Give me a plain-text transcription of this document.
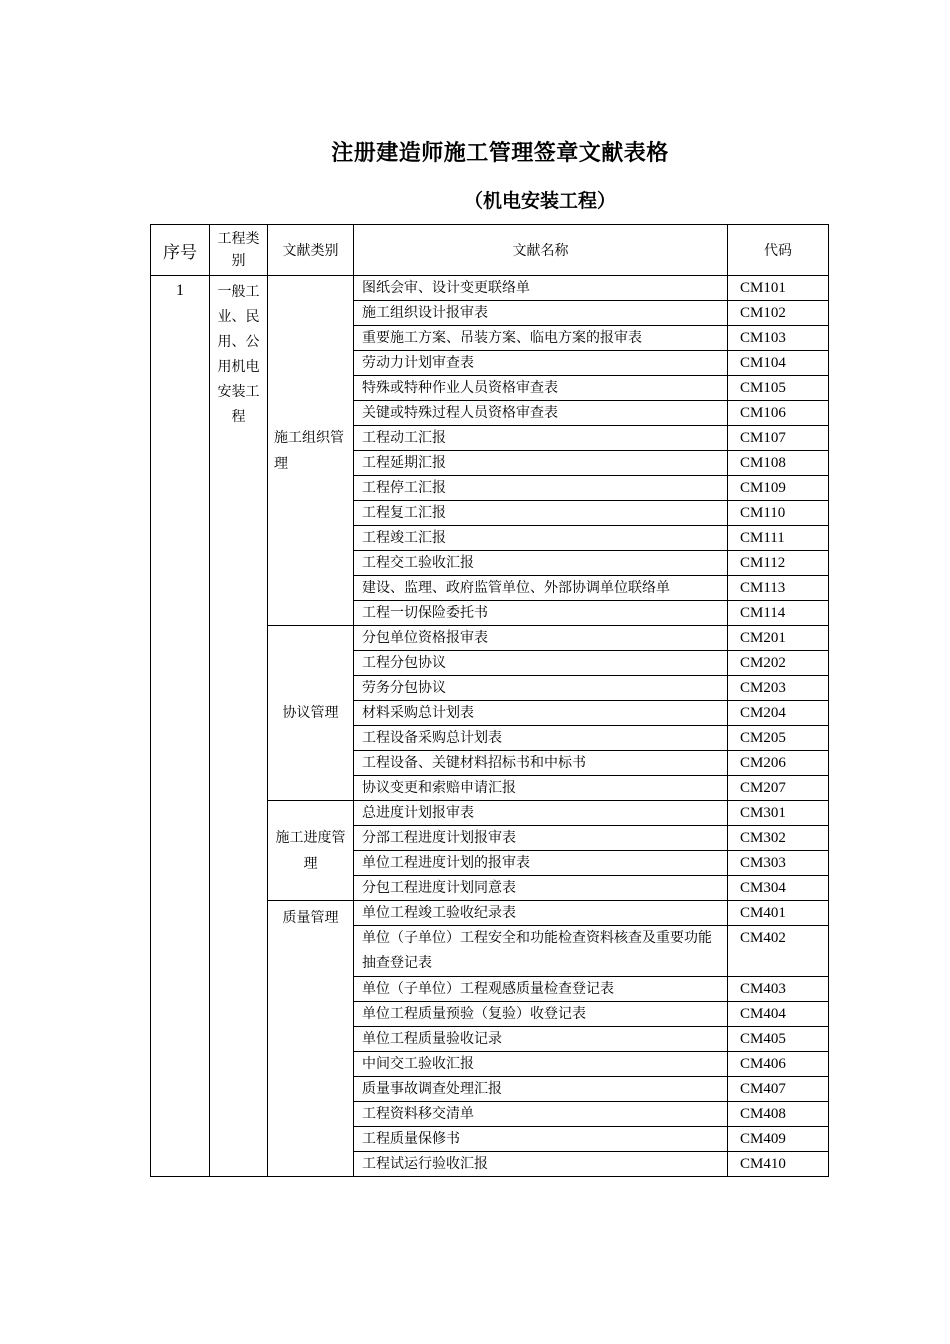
注册建造师施工管理签章文献表格
（机电安装工程）
序号	工程类别	文献类别	文献名称	代码
1	一般工业、民用、公用机电安装工程	施工组织管理	图纸会审、设计变更联络单	CM101
			施工组织设计报审表	CM102
			重要施工方案、吊装方案、临电方案的报审表	CM103
			劳动力计划审查表	CM104
			特殊或特种作业人员资格审查表	CM105
			关键或特殊过程人员资格审查表	CM106
			工程动工汇报	CM107
			工程延期汇报	CM108
			工程停工汇报	CM109
			工程复工汇报	CM110
			工程竣工汇报	CM111
			工程交工验收汇报	CM112
			建设、监理、政府监管单位、外部协调单位联络单	CM113
			工程一切保险委托书	CM114
		协议管理	分包单位资格报审表	CM201
			工程分包协议	CM202
			劳务分包协议	CM203
			材料采购总计划表	CM204
			工程设备采购总计划表	CM205
			工程设备、关键材料招标书和中标书	CM206
			协议变更和索赔申请汇报	CM207
		施工进度管理	总进度计划报审表	CM301
			分部工程进度计划报审表	CM302
			单位工程进度计划的报审表	CM303
			分包工程进度计划同意表	CM304
		质量管理	单位工程竣工验收纪录表	CM401
			单位（子单位）工程安全和功能检查资料核查及重要功能抽查登记表	CM402
			单位（子单位）工程观感质量检查登记表	CM403
			单位工程质量预验（复验）收登记表	CM404
			单位工程质量验收记录	CM405
			中间交工验收汇报	CM406
			质量事故调查处理汇报	CM407
			工程资料移交清单	CM408
			工程质量保修书	CM409
			工程试运行验收汇报	CM410
